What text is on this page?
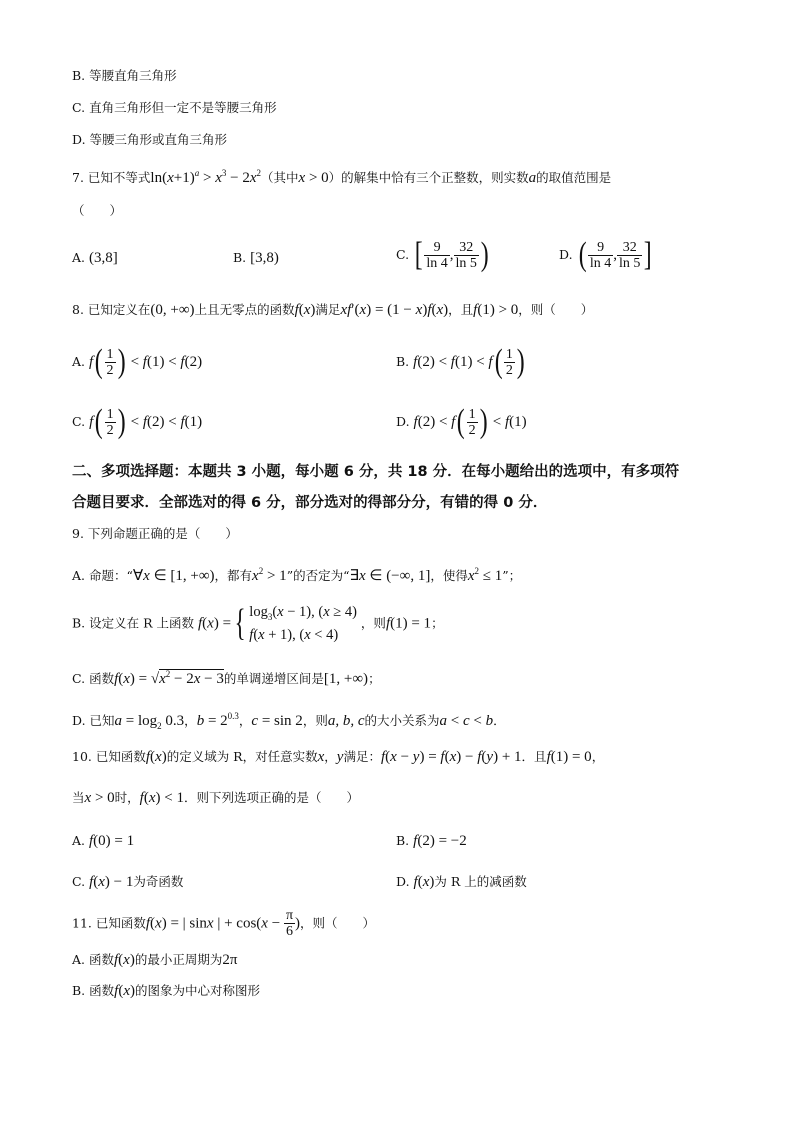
B. 等腰直角三角形
C. 直角三角形但一定不是等腰三角形
D. 等腰三角形或直角三角形
7. 已知不等式$\ln(x+1)^a > x^3 - 2x^2$（其中x > 0）的解集中恰有三个正整数，则实数a的取值范围是
（　　）
A. (3,8]	B. [3,8)	C. [ $\frac{9}{\ln 4}$ , $\frac{32}{\ln 5}$ )	D. ( $\frac{9}{\ln 4}$ , $\frac{32}{\ln 5}$ ]
8. 已知定义在(0, +∞)上且无零点的函数f(x)满足xf′(x) = (1 − x)f(x)，且f(1) > 0，则（　　）
A. $f( \frac{1}{2}$ ) < f(1) < f(2)	B. $f(2) < f(1) < f( \frac{1}{2}$ )
C. $f( \frac{1}{2}$ ) < f(2) < f(1)	D. $f(2) < f( \frac{1}{2}$ ) < f(1)
二、多项选择题：本题共 3 小题，每小题 6 分，共 18 分．在每小题给出的选项中，有多项符
合题目要求．全部选对的得 6 分，部分选对的得部分分，有错的得 0 分．
9. 下列命题正确的是（　　）
A. 命题：“∀x ∈ [1, +∞)，都有$x^2 > 1$”的否定为“∃x ∈ (−∞, 1]，使得$x^2 \le 1$”；
B. 设定义在 R 上函数 f(x) ={ $\log_3(x - 1)$, (x ≥ 4)
f(x + 1), (x < 4)
，则f(1) = 1；
C. 函数$f(x) = √x^2 - 2x - 3$的单调递增区间是[1, +∞)；
D. 已知$a = \log_2 0.3$，$b = 2^{0.3}$，c = sin 2，则a, b, c的大小关系为a < c < b．
10. 已知函数f(x)的定义域为 R，对任意实数x，y满足：f(x − y) = f(x) − f(y) + 1．且f(1) = 0，
当x > 0时，f(x) < 1．则下列选项正确的是（　　）
A. f(0) = 1	B. f(2) = −2
C. f(x) − 1为奇函数	D. f(x)为 R 上的减函数
11. 已知函数f(x) = | sinx | + $\cos(x - \frac{\pi}{6}$ )，则（　　）
A. 函数f(x)的最小正周期为2π
B. 函数f(x)的图象为中心对称图形
